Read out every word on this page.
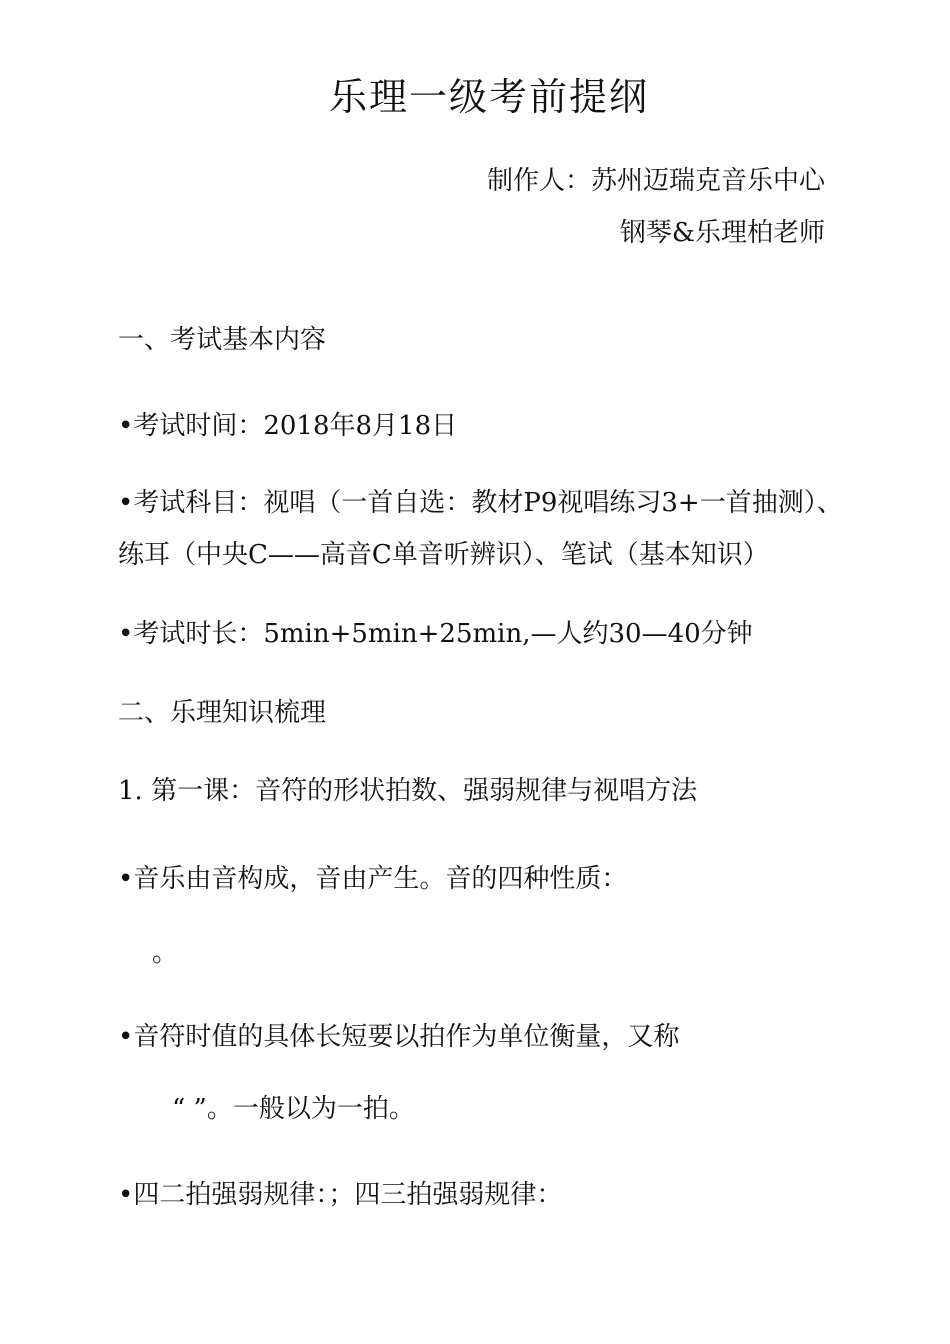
乐理一级考前提纲
制作人：苏州迈瑞克音乐中心
钢琴&乐理柏老师
一、考试基本内容
•考试时间：2018年8月18日
•考试科目：视唱（一首自选：教材P9视唱练习3+一首抽测）、
练耳（中央C——高音C单音听辨识）、笔试（基本知识）
•考试时长：5min+5min+25min,—人约30—40分钟
二、乐理知识梳理
1. 第一课：音符的形状拍数、强弱规律与视唱方法
•音乐由音构成，音由产生。音的四种性质：
。
•音符时值的具体长短要以拍作为单位衡量，又称
“ ”。一般以为一拍。
•四二拍强弱规律：；四三拍强弱规律：
